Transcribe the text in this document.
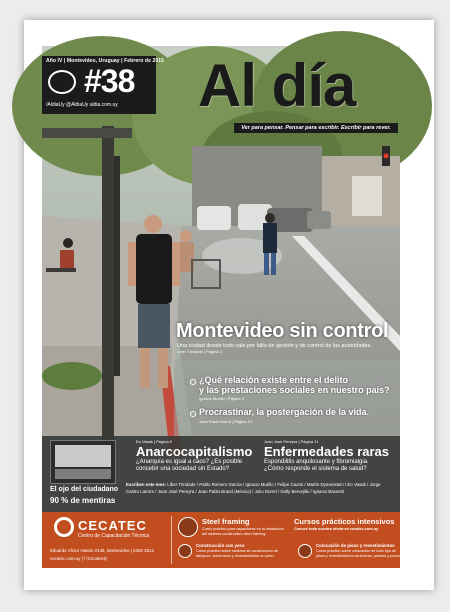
Año IV | Montevideo, Uruguay | Febrero de 2015
#38
/AldiaUy @AldiaUy aldia.com.uy Al día
Ver para pensar. Pensar para escribir. Escribir para rever.
Montevideo sin control
Una ciudad donde todo vale por falta de gestión y de control de las autoridades.
Líber Trindade | Página 2
¿Qué relación existe entre el delito
y las prestaciones sociales en nuestro país?
Ignacio Murillo | Página 4
Procrastinar, la postergación de la vida.
Juan Pablo Brand | Página 12
El ojo del ciudadano
90 % de mentiras
Eo Vasak | Página 6
Anarcocapitalismo
¿Anarquía es igual a caos? ¿Es posible
concebir una sociedad sin Estado?
Juan José Pereyra | Página 11
Enfermedades raras
Espondilitis anquilosante y fibromialgia.
¿Cómo responde el sistema de salud?
Escriben este mes: Líber Trindade / Pablo Romero García / Ignacio Murillo / Felipe Caorsi / Martín Dymenstein / Eo Vasak / Jorge Castro Latorre / Juan José Pereyra / Juan Pablo Brand (México) / Julio Dorrel / Dolly Bervejillo / Ignacio Bassetti
CECATEC
Centro de Capacitación Técnica
Eduardo Víctor Haedo 2148, Montevideo | 2402 3512
cecatec.com.uy | f /Cecatecly
Steel framing
Curso práctico para capacitarse en la instalación
del sistema constructivo steel framing.
Construcción con yeso
Curso práctico sobre sistema de construcción de
tabiques, cielorrasos y revestimientos en yeso.
Cursos prácticos intensivos
Conocé toda nuestra oferta en cecatec.com.uy
Colocación de pisos y revestimientos
Curso práctico sobre colocación de todo tipo de
pisos y revestimientos cerámicos, piedras y porcelanatos.
